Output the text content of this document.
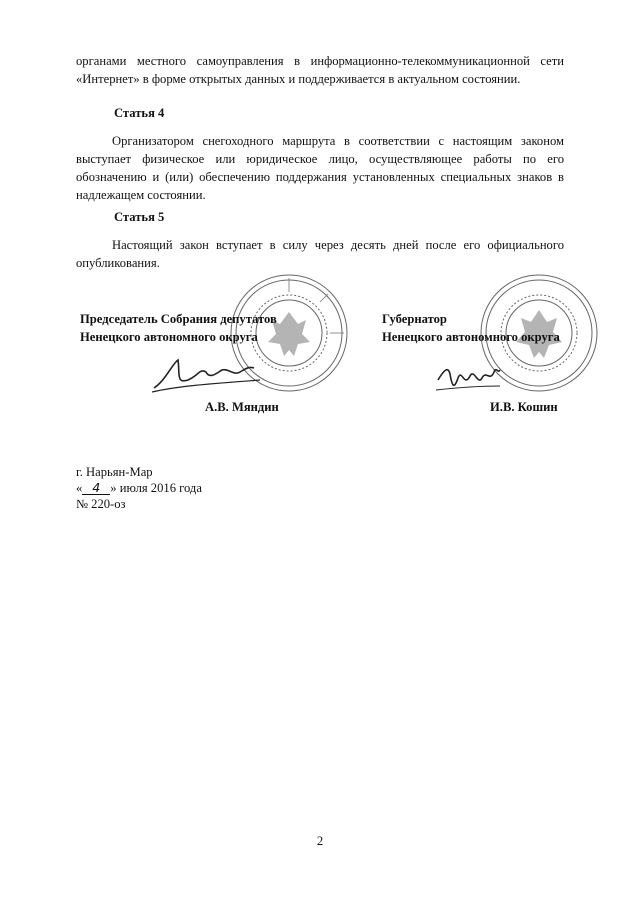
органами местного самоуправления в информационно-телекоммуникационной сети «Интернет» в форме открытых данных и поддерживается в актуальном состоянии.
Статья 4
Организатором снегоходного маршрута в соответствии с настоящим законом выступает физическое или юридическое лицо, осуществляющее работы по его обозначению и (или) обеспечению поддержания установленных специальных знаков в надлежащем состоянии.
Статья 5
Настоящий закон вступает в силу через десять дней после его официального опубликования.
Председатель Собрания депутатов
Ненецкого автономного округа
А.В. Мяндин
Губернатор
Ненецкого автономного округа
И.В. Кошин
г. Нарьян-Мар
« 4 » июля 2016 года
№ 220-оз
2
